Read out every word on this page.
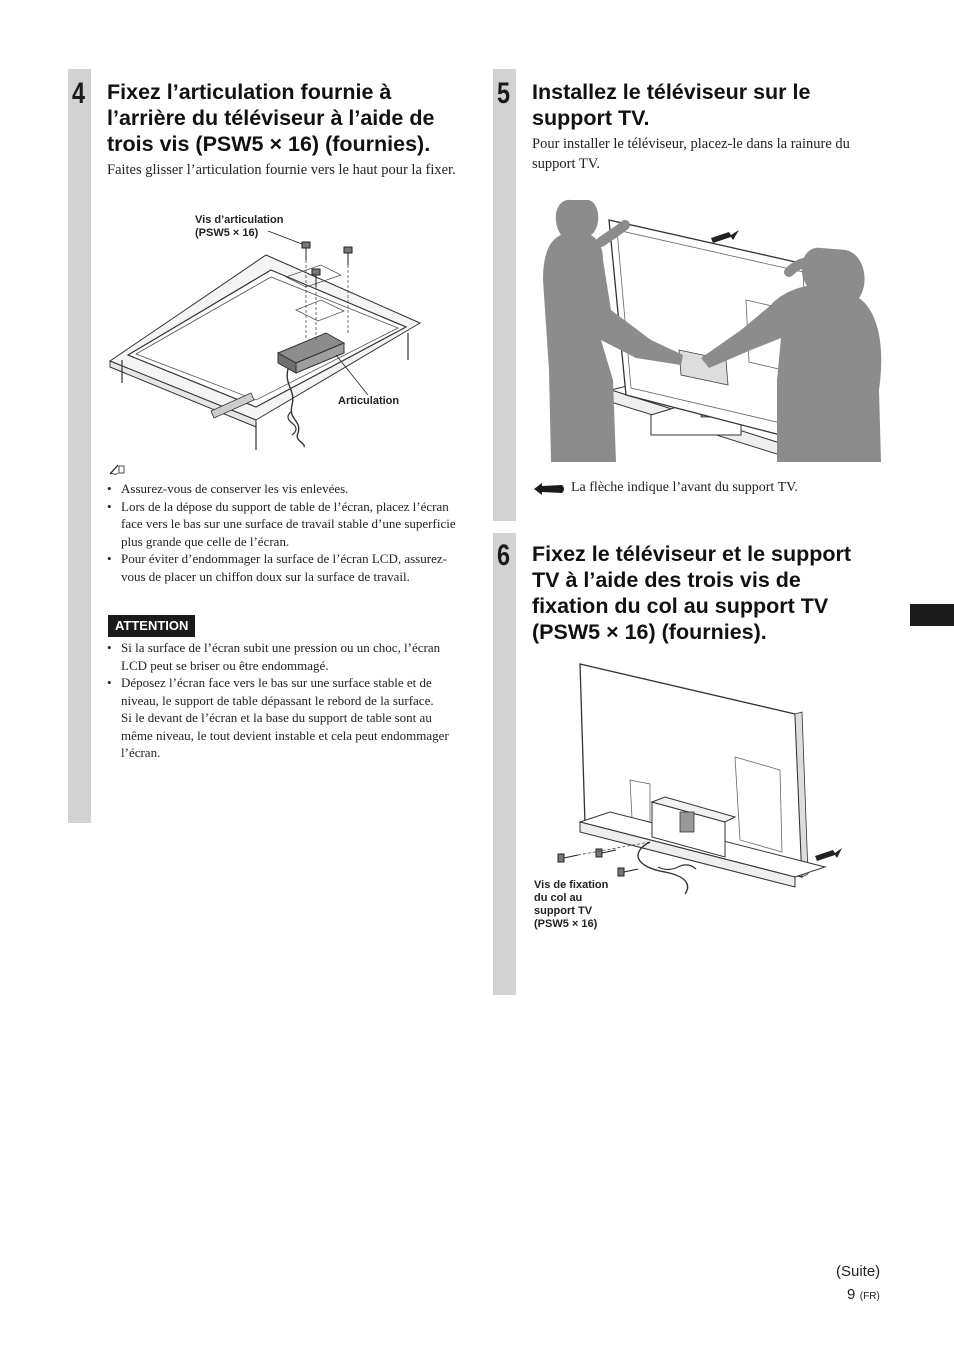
4 Fixez l’articulation fournie à
l’arrière du téléviseur à l’aide de
trois vis (PSW5 × 16) (fournies).

Faites glisser l’articulation fournie vers le haut pour la fixer.

Vis d’articulation
(PSW5 × 16)
Articulation
• Assurez-vous de conserver les vis enlevées.
• Lors de la dépose du support de table de l’écran, placez l’écran face vers le bas sur une surface de travail stable d’une superficie plus grande que celle de l’écran.
• Pour éviter d’endommager la surface de l’écran LCD, assurez-vous de placer un chiffon doux sur la surface de travail.
ATTENTION
• Si la surface de l’écran subit une pression ou un choc, l’écran LCD peut se briser ou être endommagé.
• Déposez l’écran face vers le bas sur une surface stable et de niveau, le support de table dépassant le rebord de la surface.
Si le devant de l’écran et la base du support de table sont au même niveau, le tout devient instable et cela peut endommager l’écran.
5 Installez le téléviseur sur le
support TV.

Pour installer le téléviseur, placez-le dans la rainure du support TV.

La flèche indique l’avant du support TV.

6 Fixez le téléviseur et le support
TV à l’aide des trois vis de
fixation du col au support TV
(PSW5 × 16) (fournies).
Vis de fixation
du col au
support TV
(PSW5 × 16)
(Suite)
9 (FR)
